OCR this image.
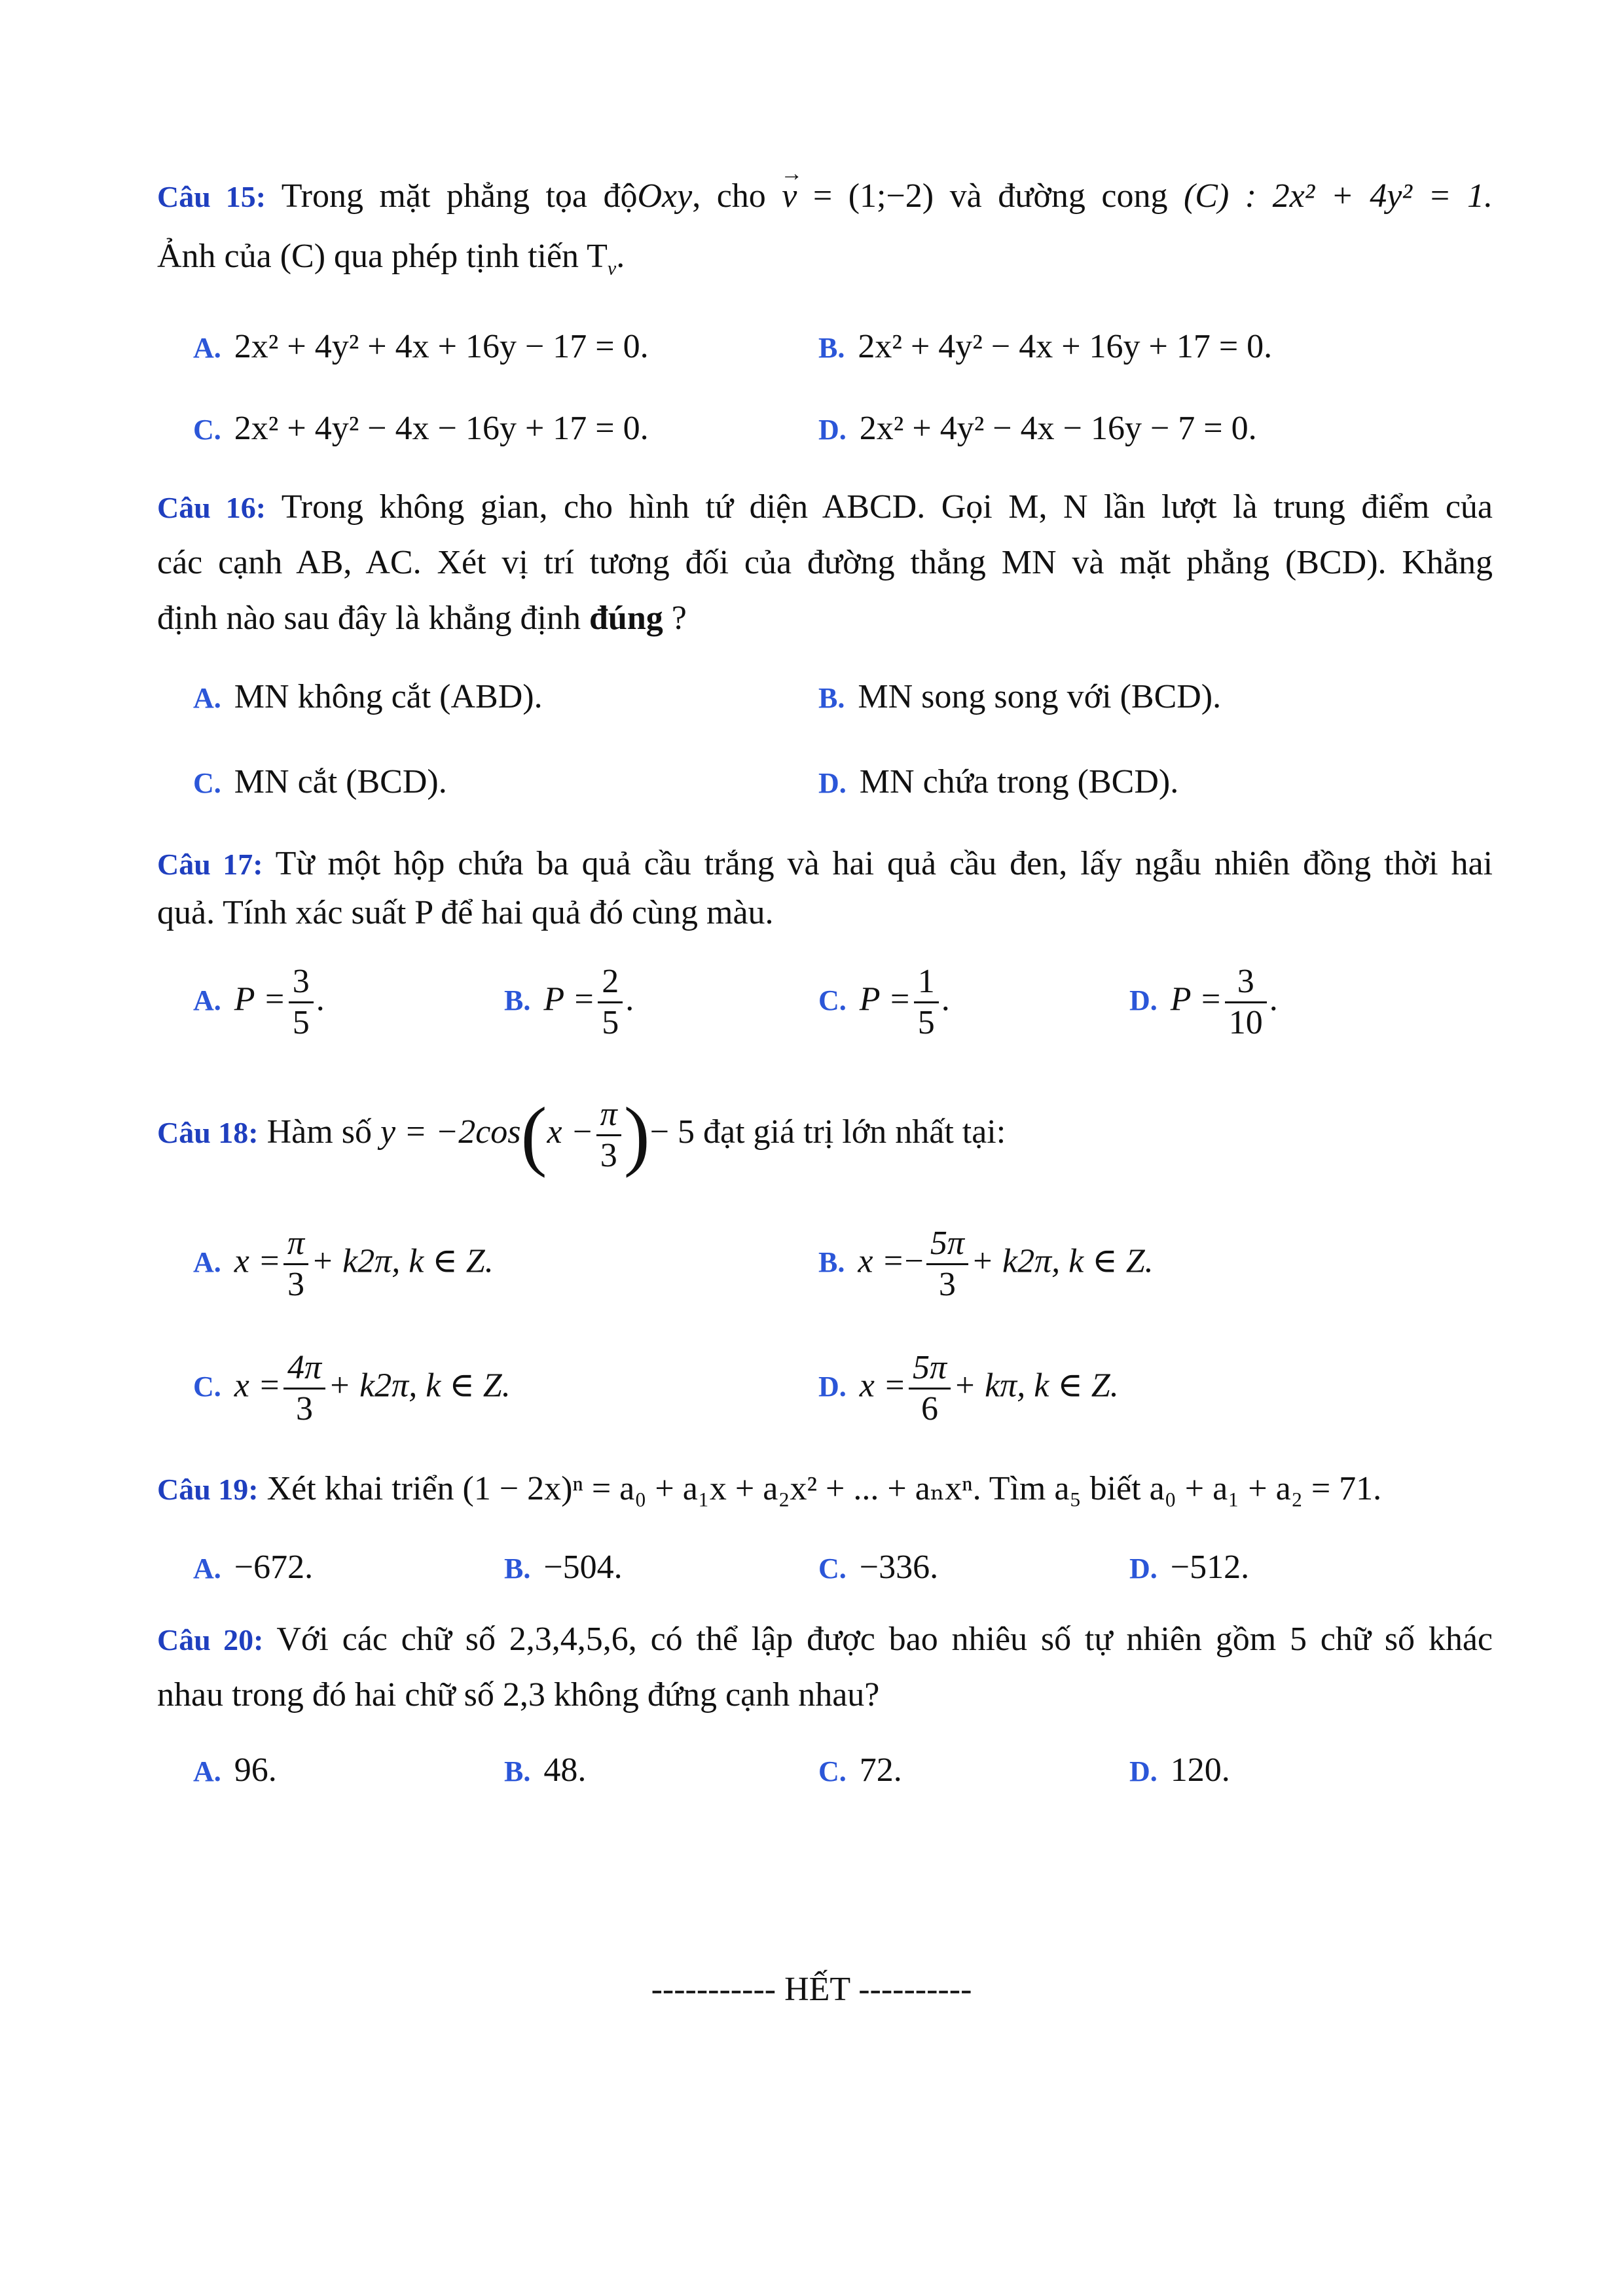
Câu 15: Trong mặt phẳng tọa độOxy, cho → v = (1;−2) và đường cong (C) : 2x² + 4y² = 1.
Ảnh của (C) qua phép tịnh tiến $T_v$.
A. 2x² + 4y² + 4x + 16y − 17 = 0.	B. 2x² + 4y² − 4x + 16y + 17 = 0.
C. 2x² + 4y² − 4x − 16y + 17 = 0.	D. 2x² + 4y² − 4x − 16y − 7 = 0.
Câu 16: Trong không gian, cho hình tứ diện ABCD. Gọi M, N lần lượt là trung điểm của
các cạnh AB, AC. Xét vị trí tương đối của đường thẳng MN và mặt phẳng (BCD). Khẳng
định nào sau đây là khẳng định đúng ?
A. MN không cắt (ABD).	B. MN song song với (BCD).
C. MN cắt (BCD).	D. MN chứa trong (BCD).
Câu 17: Từ một hộp chứa ba quả cầu trắng và hai quả cầu đen, lấy ngẫu nhiên đồng thời hai
quả. Tính xác suất P để hai quả đó cùng màu.
A. $P = \frac{3}{5}$ .	B. $P = \frac{2}{5}$ .	C. $P = \frac{1}{5}$ .	D. $P = \frac{3}{10}$ .
Câu 18: Hàm số $y = -2\cos(x - \frac{\pi}{3}$ )− 5 đạt giá trị lớn nhất tại:
A. $x = \frac{\pi}{3} + k2\pi$, k ∈ Z.	B. $x =- \frac{5\pi}{3} + k2\pi$, k ∈ Z.
C. $x = \frac{4\pi}{3} + k2\pi$, k ∈ Z.	D. $x = \frac{5\pi}{6} + k\pi$, k ∈ Z.
Câu 19: Xét khai triển (1 − 2x)ⁿ = a₀ + a₁x + a₂x² + ... + aₙxⁿ. Tìm a₅ biết a₀ + a₁ + a₂ = 71.
A. −672.	B. −504.	C. −336.	D. −512.
Câu 20: Với các chữ số 2,3,4,5,6, có thể lập được bao nhiêu số tự nhiên gồm 5 chữ số khác
nhau trong đó hai chữ số 2,3 không đứng cạnh nhau?
A. 96.	B. 48.	C. 72.	D. 120.
----------- HẾT ----------
